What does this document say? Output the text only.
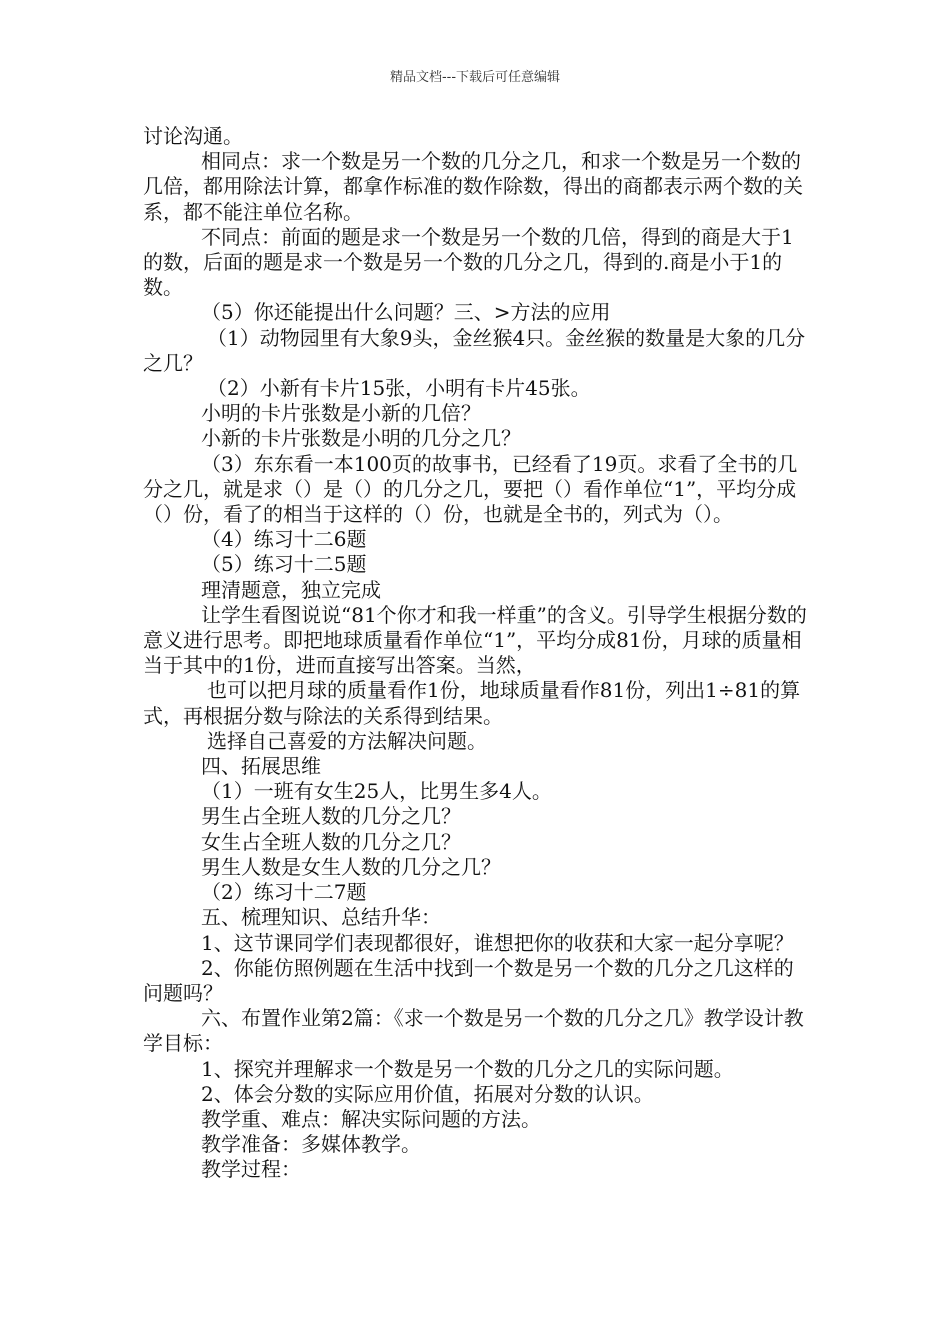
精品文档---下载后可任意编辑

讨论沟通。

相同点：求一个数是另一个数的几分之几，和求一个数是另一个数的几倍，都用除法计算，都拿作标准的数作除数，得出的商都表示两个数的关系，都不能注单位名称。

不同点：前面的题是求一个数是另一个数的几倍，得到的商是大于1的数，后面的题是求一个数是另一个数的几分之几，得到的.商是小于1的数。

（5）你还能提出什么问题？三、>方法的应用

（1）动物园里有大象9头，金丝猴4只。金丝猴的数量是大象的几分之几？

（2）小新有卡片15张，小明有卡片45张。

小明的卡片张数是小新的几倍？

小新的卡片张数是小明的几分之几？

（3）东东看一本100页的故事书，已经看了19页。求看了全书的几分之几，就是求（）是（）的几分之几，要把（）看作单位“1”，平均分成（）份，看了的相当于这样的（）份，也就是全书的，列式为（）。

（4）练习十二6题

（5）练习十二5题

理清题意，独立完成

让学生看图说说“81个你才和我一样重”的含义。引导学生根据分数的意义进行思考。即把地球质量看作单位“1”，平均分成81份，月球的质量相当于其中的1份，进而直接写出答案。当然，

也可以把月球的质量看作1份，地球质量看作81份，列出1÷81的算式，再根据分数与除法的关系得到结果。

选择自己喜爱的方法解决问题。

四、拓展思维

（1）一班有女生25人，比男生多4人。

男生占全班人数的几分之几？

女生占全班人数的几分之几？

男生人数是女生人数的几分之几？

（2）练习十二7题

五、梳理知识、总结升华：

1、这节课同学们表现都很好，谁想把你的收获和大家一起分享呢？

2、你能仿照例题在生活中找到一个数是另一个数的几分之几这样的问题吗？

六、布置作业第2篇：《求一个数是另一个数的几分之几》教学设计教学目标：

1、探究并理解求一个数是另一个数的几分之几的实际问题。

2、体会分数的实际应用价值，拓展对分数的认识。

教学重、难点：解决实际问题的方法。

教学准备：多媒体教学。

教学过程：
